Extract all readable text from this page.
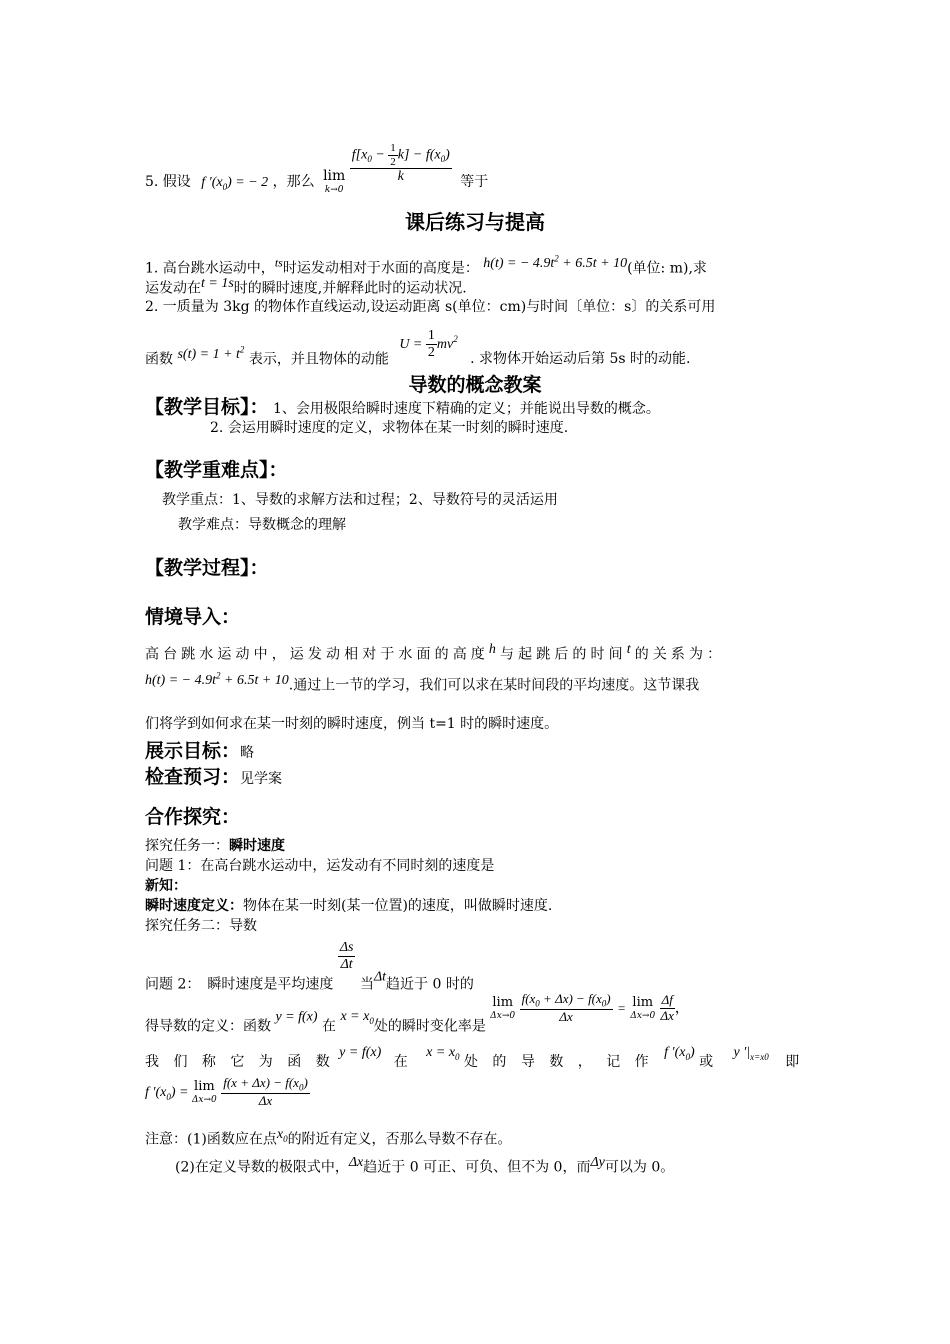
5. 假设 f $'(x_0)$ = − 2 ，那么 lim
k→0

$\frac{f[x_0 - \frac{1}{2} k] - f(x_0)}{k}$ 等于
课后练习与提高
1. 高台跳水运动中，ts时运发动相对于水面的高度是： h(t) = − $4.9t^2 + 6.5t + 10$(单位: m),求
运发动在t = 1s时的瞬时速度,并解释此时的运动状况.
2. 一质量为 3kg 的物体作直线运动,设运动距离 s(单位：cm)与时间〔单位：s〕的关系可用
函数 $s(t) = 1 + t^2$ 表示，并且物体的动能 $U = \frac{1}{2} mv^2$ . 求物体开始运动后第 5s 时的动能.
导数的概念教案
【教学目标】： 1、会用极限给瞬时速度下精确的定义；并能说出导数的概念。
2. 会运用瞬时速度的定义，求物体在某一时刻的瞬时速度.
【教学重难点】：
教学重点：1、导数的求解方法和过程；2、导数符号的灵活运用
教学难点：导数概念的理解
【教学过程】：
情境导入：
高台跳水运动中，运发动相对于水面的高度h与起跳后的时间t的关系为：
h(t) = − $4.9t^2 + 6.5t + 10$.通过上一节的学习，我们可以求在某时间段的平均速度。这节课我
们将学到如何求在某一时刻的瞬时速度，例当 t=1 时的瞬时速度。
展示目标：略
检查预习：见学案
合作探究：
探究任务一：瞬时速度
问题 1：在高台跳水运动中，运发动有不同时刻的速度是
新知：
瞬时速度定义：物体在某一时刻(某一位置)的速度，叫做瞬时速度.
探究任务二：导数
问题 2：　瞬时速度是平均速度
$\frac{\Delta s}{\Delta t}$
当Δt趋近于 0 时的
得导数的定义：函数 y = f(x) 在 $x = x_0$处的瞬时变化率是
lim
Δx→0
$\frac{f(x_0 + \Delta x) - f(x_0)}{\Delta x} = \lim$
Δx→0
$\frac{\Delta f}{\Delta x}$ ，
我 们 称 它 为 函 数 y = f(x) 在 $x = x_0$ 处 的 导 数 ， 记 作 f $'(x_0)$ 或 y $'|_{x=x0}$ 即
f $'(x_0) = \lim$
Δx→0
$\frac{f(x + \Delta x) - f(x_0)}{\Delta x}$
注意：(1)函数应在点$x_0$的附近有定义，否那么导数不存在。
(2)在定义导数的极限式中，Δx趋近于 0 可正、可负、但不为 0，而Δy可以为 0。
